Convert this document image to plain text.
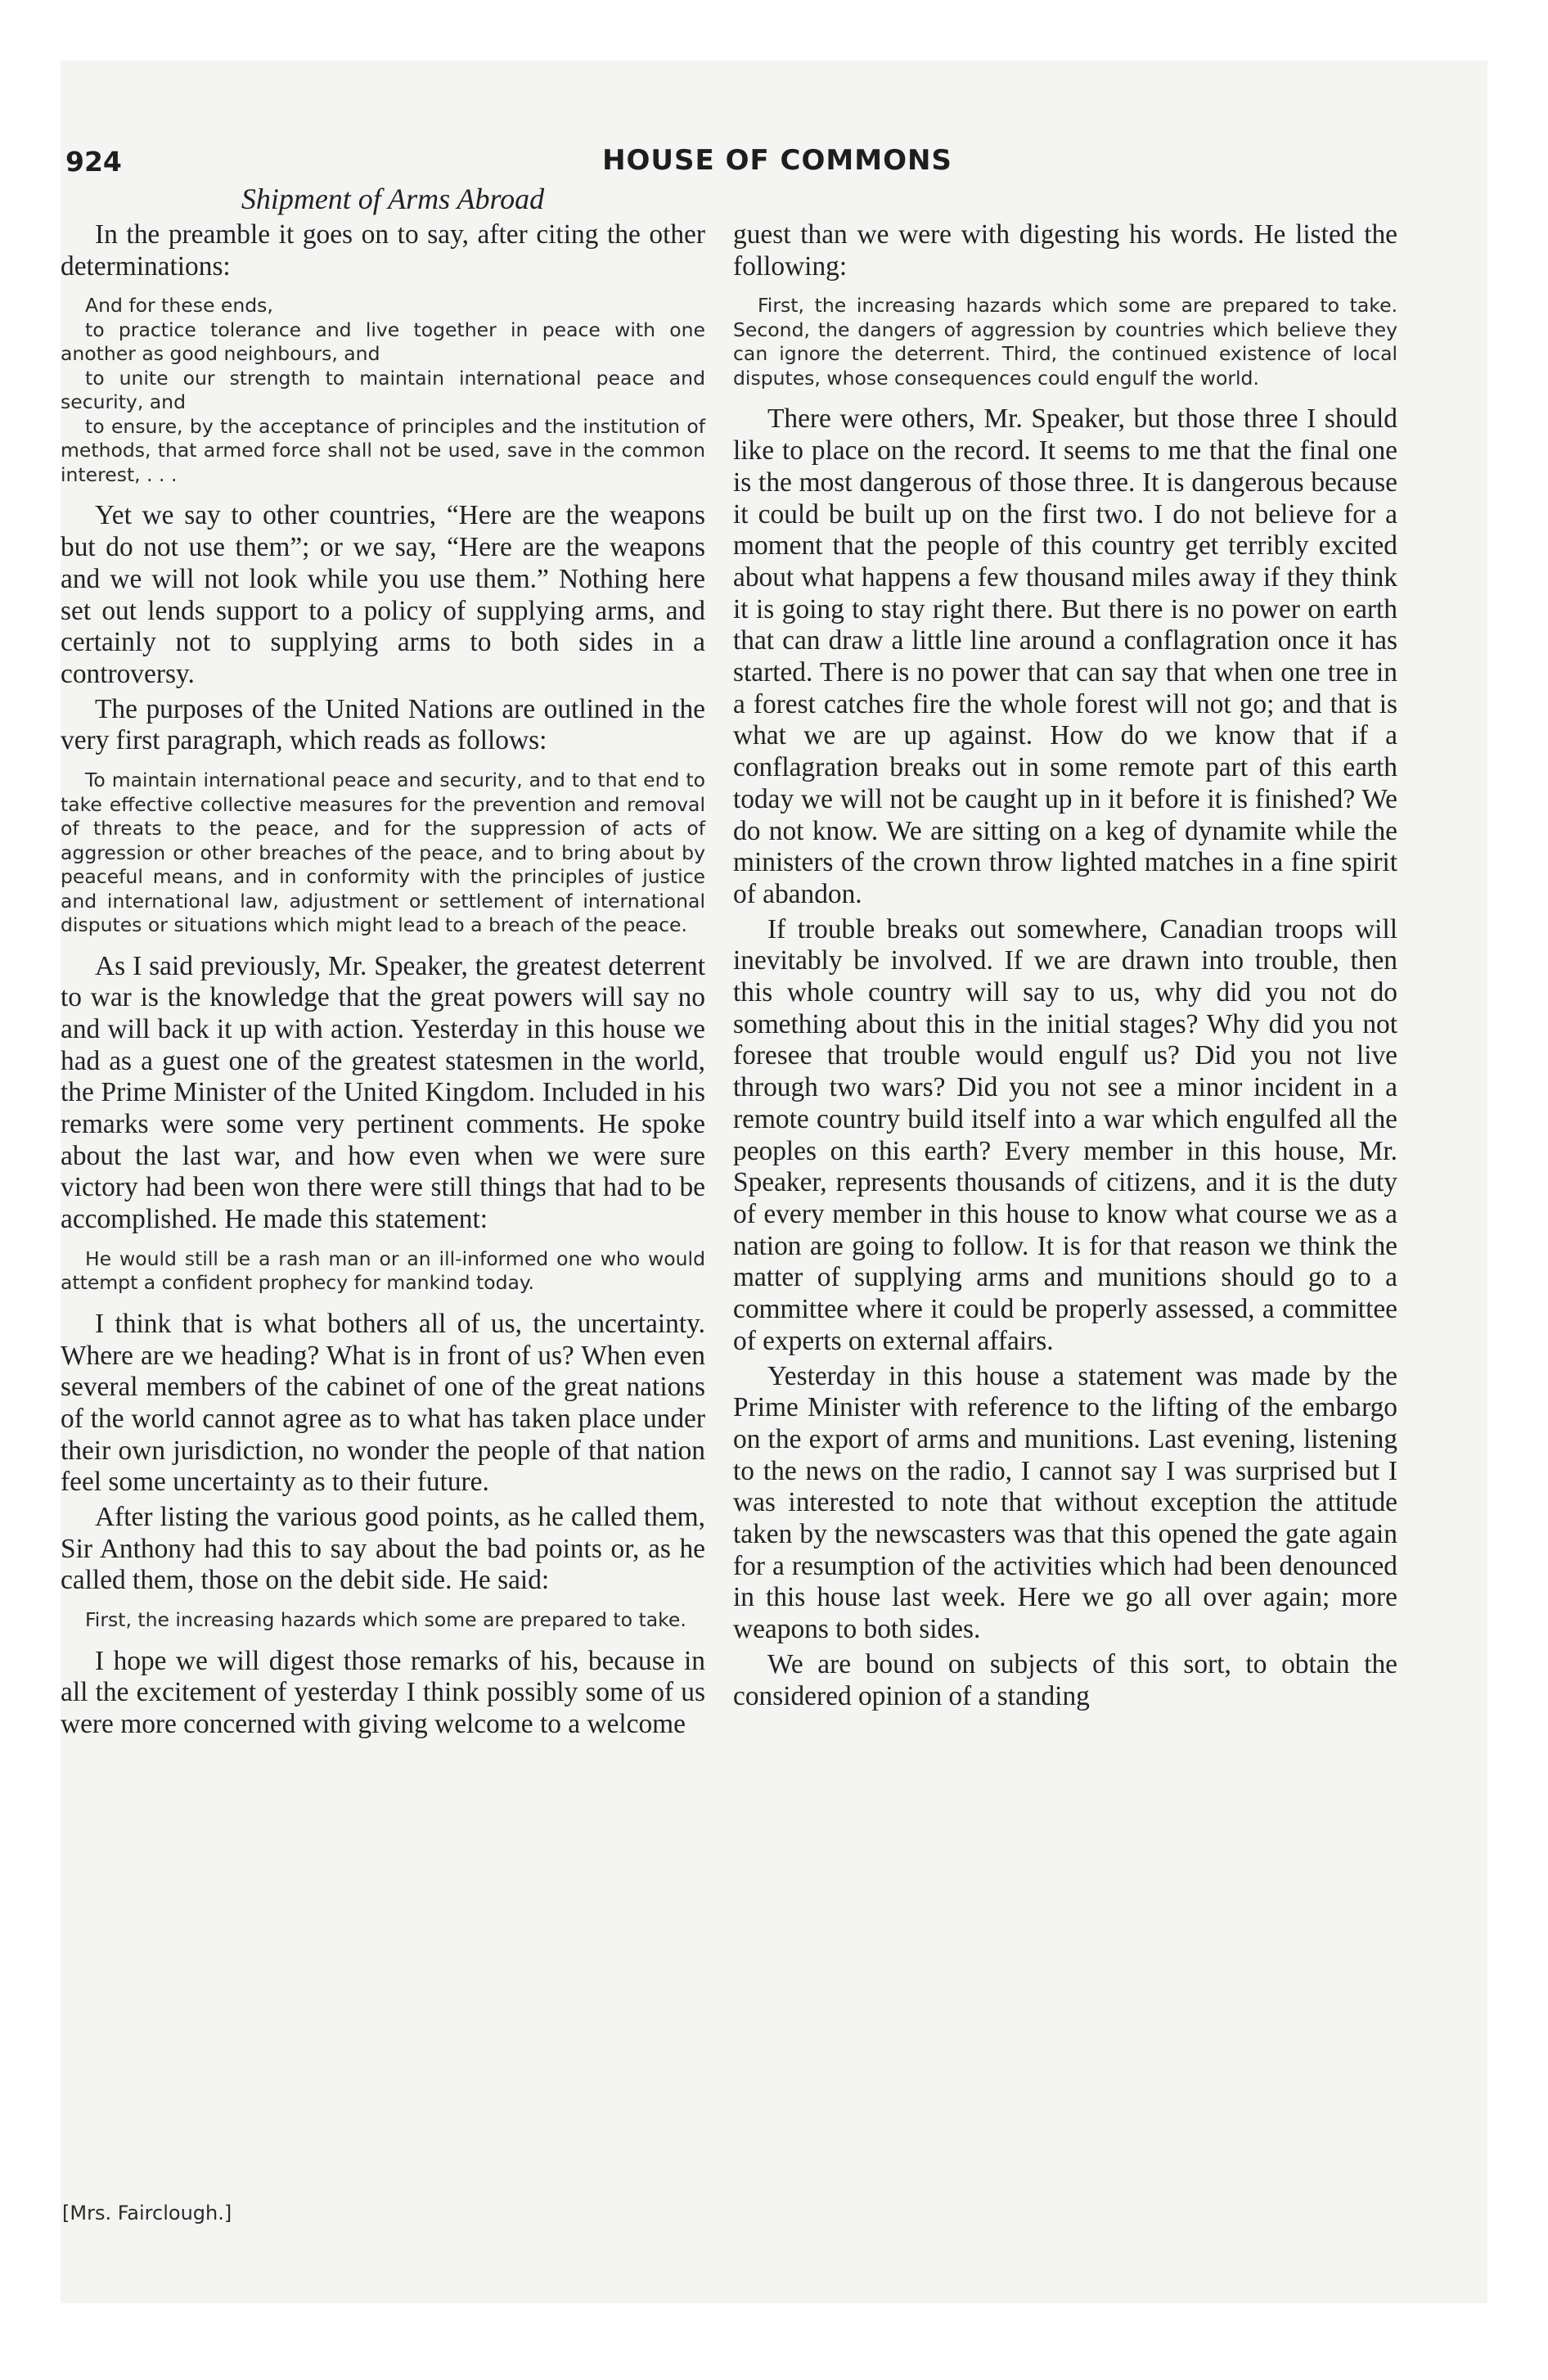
924	HOUSE OF COMMONS
Shipment of Arms Abroad

In the preamble it goes on to say, after citing the other determinations:

And for these ends,
to practice tolerance and live together in peace with one another as good neighbours, and
to unite our strength to maintain international peace and security, and
to ensure, by the acceptance of principles and the institution of methods, that armed force shall not be used, save in the common interest, . . .

Yet we say to other countries, “Here are the weapons but do not use them”; or we say, “Here are the weapons and we will not look while you use them.” Nothing here set out lends support to a policy of supplying arms, and certainly not to supplying arms to both sides in a controversy.

The purposes of the United Nations are outlined in the very first paragraph, which reads as follows:

To maintain international peace and security, and to that end to take effective collective measures for the prevention and removal of threats to the peace, and for the suppression of acts of aggression or other breaches of the peace, and to bring about by peaceful means, and in conformity with the principles of justice and international law, adjustment or settlement of international disputes or situations which might lead to a breach of the peace.

As I said previously, Mr. Speaker, the greatest deterrent to war is the knowledge that the great powers will say no and will back it up with action. Yesterday in this house we had as a guest one of the greatest statesmen in the world, the Prime Minister of the United Kingdom. Included in his remarks were some very pertinent comments. He spoke about the last war, and how even when we were sure victory had been won there were still things that had to be accomplished. He made this statement:

He would still be a rash man or an ill-informed one who would attempt a confident prophecy for mankind today.

I think that is what bothers all of us, the uncertainty. Where are we heading? What is in front of us? When even several members of the cabinet of one of the great nations of the world cannot agree as to what has taken place under their own jurisdiction, no wonder the people of that nation feel some uncertainty as to their future.

After listing the various good points, as he called them, Sir Anthony had this to say about the bad points or, as he called them, those on the debit side. He said:

First, the increasing hazards which some are prepared to take.

I hope we will digest those remarks of his, because in all the excitement of yesterday I think possibly some of us were more concerned with giving welcome to a welcome

guest than we were with digesting his words. He listed the following:

First, the increasing hazards which some are prepared to take. Second, the dangers of aggression by countries which believe they can ignore the deterrent. Third, the continued existence of local disputes, whose consequences could engulf the world.

There were others, Mr. Speaker, but those three I should like to place on the record. It seems to me that the final one is the most dangerous of those three. It is dangerous because it could be built up on the first two. I do not believe for a moment that the people of this country get terribly excited about what happens a few thousand miles away if they think it is going to stay right there. But there is no power on earth that can draw a little line around a conflagration once it has started. There is no power that can say that when one tree in a forest catches fire the whole forest will not go; and that is what we are up against. How do we know that if a conflagration breaks out in some remote part of this earth today we will not be caught up in it before it is finished? We do not know. We are sitting on a keg of dynamite while the ministers of the crown throw lighted matches in a fine spirit of abandon.

If trouble breaks out somewhere, Canadian troops will inevitably be involved. If we are drawn into trouble, then this whole country will say to us, why did you not do something about this in the initial stages? Why did you not foresee that trouble would engulf us? Did you not live through two wars? Did you not see a minor incident in a remote country build itself into a war which engulfed all the peoples on this earth? Every member in this house, Mr. Speaker, represents thousands of citizens, and it is the duty of every member in this house to know what course we as a nation are going to follow. It is for that reason we think the matter of supplying arms and munitions should go to a committee where it could be properly assessed, a committee of experts on external affairs.

Yesterday in this house a statement was made by the Prime Minister with reference to the lifting of the embargo on the export of arms and munitions. Last evening, listening to the news on the radio, I cannot say I was surprised but I was interested to note that without exception the attitude taken by the newscasters was that this opened the gate again for a resumption of the activities which had been denounced in this house last week. Here we go all over again; more weapons to both sides.

We are bound on subjects of this sort, to obtain the considered opinion of a standing

[Mrs. Fairclough.]
